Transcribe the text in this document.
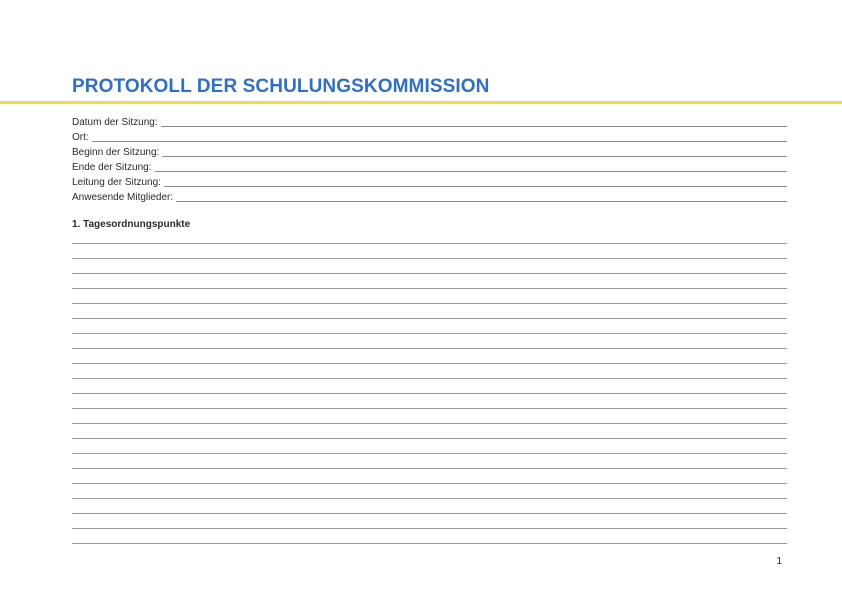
PROTOKOLL DER SCHULUNGSKOMMISSION
Datum der Sitzung:
Ort:
Beginn der Sitzung:
Ende der Sitzung:
Leitung der Sitzung:
Anwesende Mitglieder:
1. Tagesordnungspunkte
1
